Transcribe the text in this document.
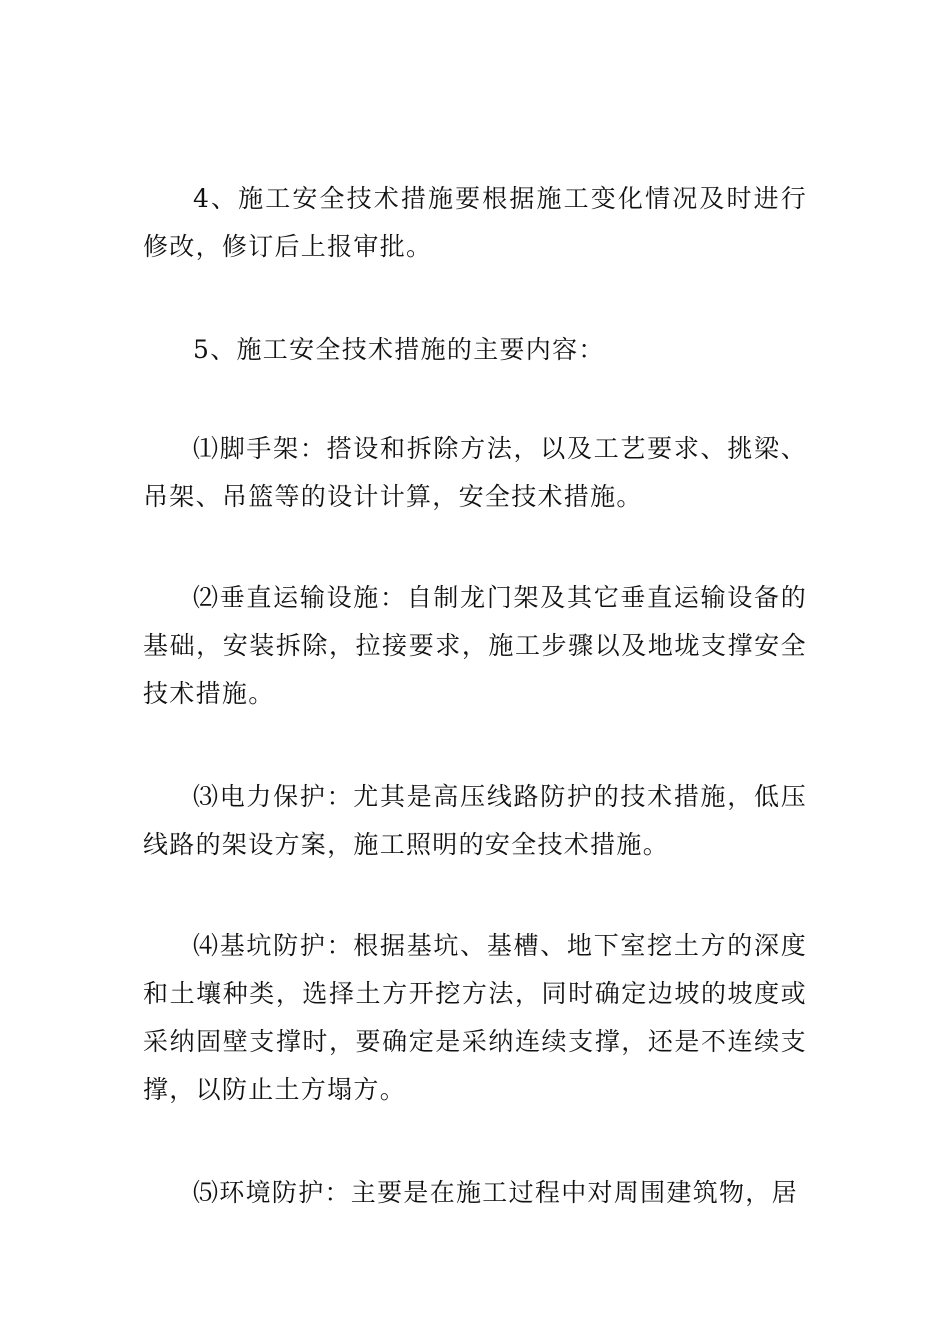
4、施工安全技术措施要根据施工变化情况及时进行修改，修订后上报审批。

5、施工安全技术措施的主要内容：

⑴脚手架：搭设和拆除方法，以及工艺要求、挑梁、吊架、吊篮等的设计计算，安全技术措施。

⑵垂直运输设施：自制龙门架及其它垂直运输设备的基础，安装拆除，拉接要求，施工步骤以及地垅支撑安全技术措施。

⑶电力保护：尤其是高压线路防护的技术措施，低压线路的架设方案，施工照明的安全技术措施。

⑷基坑防护：根据基坑、基槽、地下室挖土方的深度和土壤种类，选择土方开挖方法，同时确定边坡的坡度或采纳固壁支撑时，要确定是采纳连续支撑，还是不连续支撑，以防止土方塌方。

⑸环境防护：主要是在施工过程中对周围建筑物，居
